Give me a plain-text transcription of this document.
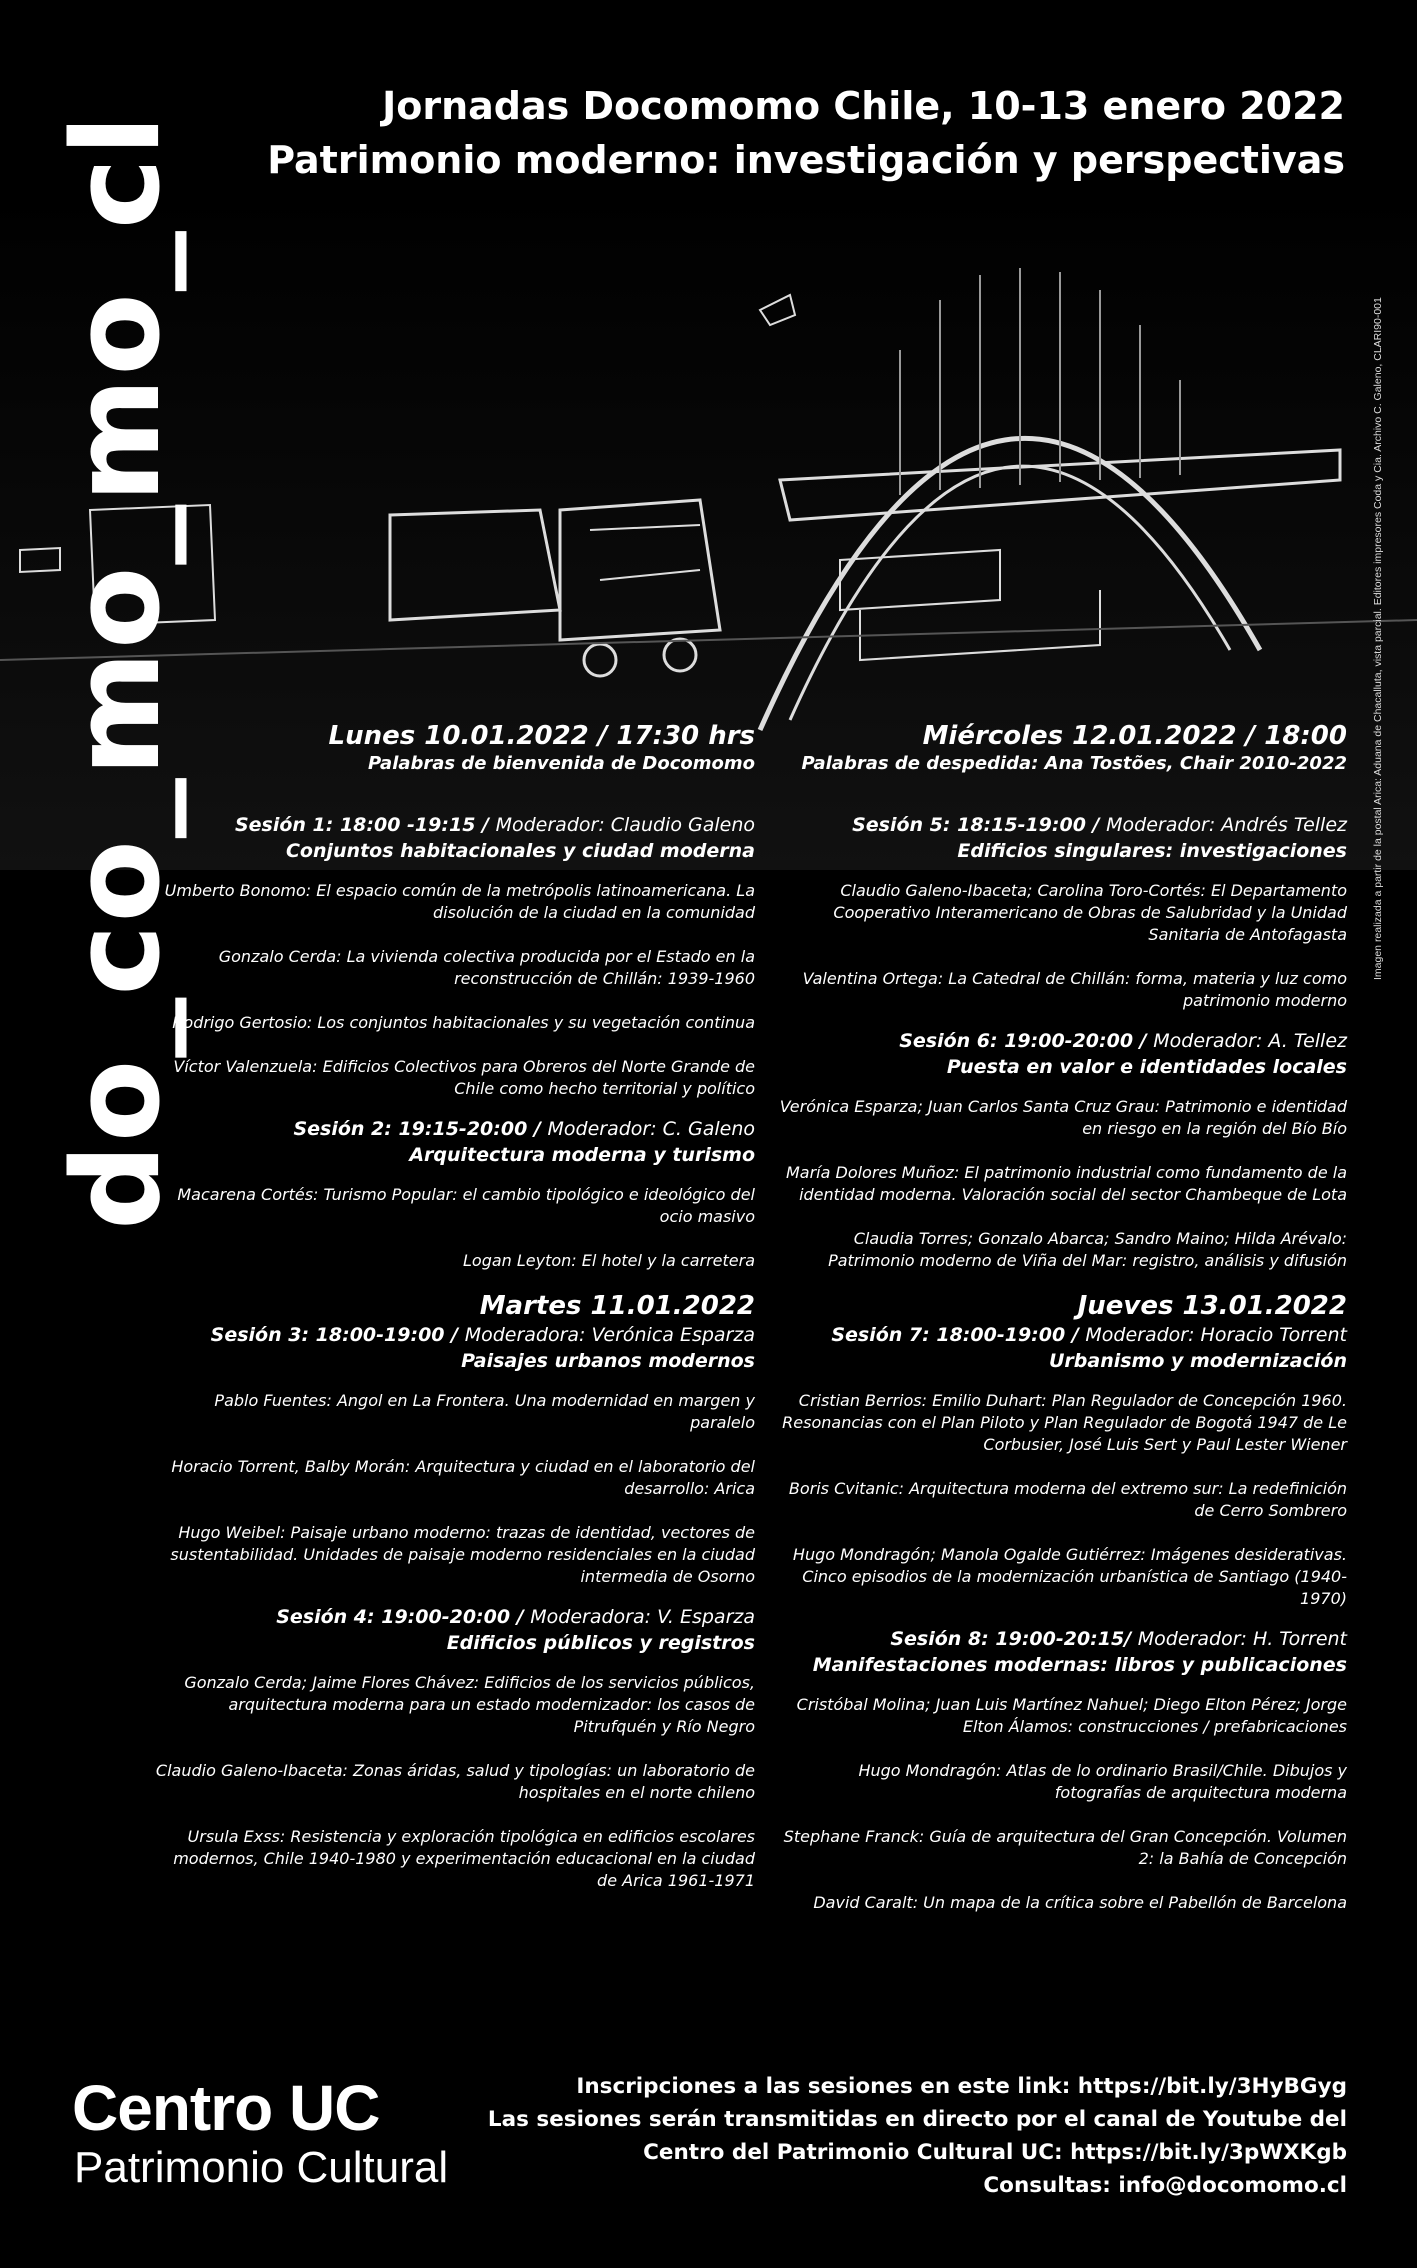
Jornadas Docomomo Chile, 10-13 enero 2022
Patrimonio moderno: investigación y perspectivas
do_co_mo_mo_cl	Imagen realizada a partir de la postal Arica: Aduana de Chacalluta, vista parcial. Editores impresores Coda y Cia. Archivo C. Galeno, CLARI90-001
Lunes 10.01.2022 / 17:30 hrs
Palabras de bienvenida de Docomomo
Sesión 1: 18:00 -19:15 / Moderador: Claudio Galeno
Conjuntos habitacionales y ciudad moderna
Umberto Bonomo: El espacio común de la metrópolis latinoamericana. La disolución de la ciudad en la comunidad
Gonzalo Cerda: La vivienda colectiva producida por el Estado en la reconstrucción de Chillán: 1939-1960
Rodrigo Gertosio: Los conjuntos habitacionales y su vegetación continua
Víctor Valenzuela: Edificios Colectivos para Obreros del Norte Grande de Chile como hecho territorial y político
Sesión 2: 19:15-20:00 / Moderador: C. Galeno
Arquitectura moderna y turismo
Macarena Cortés: Turismo Popular: el cambio tipológico e ideológico del ocio masivo
Logan Leyton: El hotel y la carretera
Martes 11.01.2022
Sesión 3: 18:00-19:00 / Moderadora: Verónica Esparza
Paisajes urbanos modernos
Pablo Fuentes: Angol en La Frontera. Una modernidad en margen y paralelo
Horacio Torrent, Balby Morán: Arquitectura y ciudad en el laboratorio del desarrollo: Arica
Hugo Weibel: Paisaje urbano moderno: trazas de identidad, vectores de sustentabilidad. Unidades de paisaje moderno residenciales en la ciudad intermedia de Osorno
Sesión 4: 19:00-20:00 / Moderadora: V. Esparza
Edificios públicos y registros
Gonzalo Cerda; Jaime Flores Chávez: Edificios de los servicios públicos, arquitectura moderna para un estado modernizador: los casos de Pitrufquén y Río Negro
Claudio Galeno-Ibaceta: Zonas áridas, salud y tipologías: un laboratorio de hospitales en el norte chileno
Ursula Exss: Resistencia y exploración tipológica en edificios escolares modernos, Chile 1940-1980 y experimentación educacional en la ciudad de Arica 1961-1971
Miércoles 12.01.2022 / 18:00
Palabras de despedida: Ana Tostões, Chair 2010-2022
Sesión 5: 18:15-19:00 / Moderador: Andrés Tellez
Edificios singulares: investigaciones
Claudio Galeno-Ibaceta; Carolina Toro-Cortés: El Departamento Cooperativo Interamericano de Obras de Salubridad y la Unidad Sanitaria de Antofagasta
Valentina Ortega: La Catedral de Chillán: forma, materia y luz como patrimonio moderno
Sesión 6: 19:00-20:00 / Moderador: A. Tellez
Puesta en valor e identidades locales
Verónica Esparza; Juan Carlos Santa Cruz Grau: Patrimonio e identidad en riesgo en la región del Bío Bío
María Dolores Muñoz: El patrimonio industrial como fundamento de la identidad moderna. Valoración social del sector Chambeque de Lota
Claudia Torres; Gonzalo Abarca; Sandro Maino; Hilda Arévalo: Patrimonio moderno de Viña del Mar: registro, análisis y difusión
Jueves 13.01.2022
Sesión 7: 18:00-19:00 / Moderador: Horacio Torrent
Urbanismo y modernización
Cristian Berrios: Emilio Duhart: Plan Regulador de Concepción 1960. Resonancias con el Plan Piloto y Plan Regulador de Bogotá 1947 de Le Corbusier, José Luis Sert y Paul Lester Wiener
Boris Cvitanic: Arquitectura moderna del extremo sur: La redefinición de Cerro Sombrero
Hugo Mondragón; Manola Ogalde Gutiérrez: Imágenes desiderativas. Cinco episodios de la modernización urbanística de Santiago (1940-1970)
Sesión 8: 19:00-20:15/ Moderador: H. Torrent
Manifestaciones modernas: libros y publicaciones
Cristóbal Molina; Juan Luis Martínez Nahuel; Diego Elton Pérez; Jorge Elton Álamos: construcciones / prefabricaciones
Hugo Mondragón: Atlas de lo ordinario Brasil/Chile. Dibujos y fotografías de arquitectura moderna
Stephane Franck: Guía de arquitectura del Gran Concepción. Volumen 2: la Bahía de Concepción
David Caralt: Un mapa de la crítica sobre el Pabellón de Barcelona
Centro UC
Patrimonio Cultural
Inscripciones a las sesiones en este link: https://bit.ly/3HyBGyg
Las sesiones serán transmitidas en directo por el canal de Youtube del
Centro del Patrimonio Cultural UC: https://bit.ly/3pWXKgb
Consultas: info@docomomo.cl
